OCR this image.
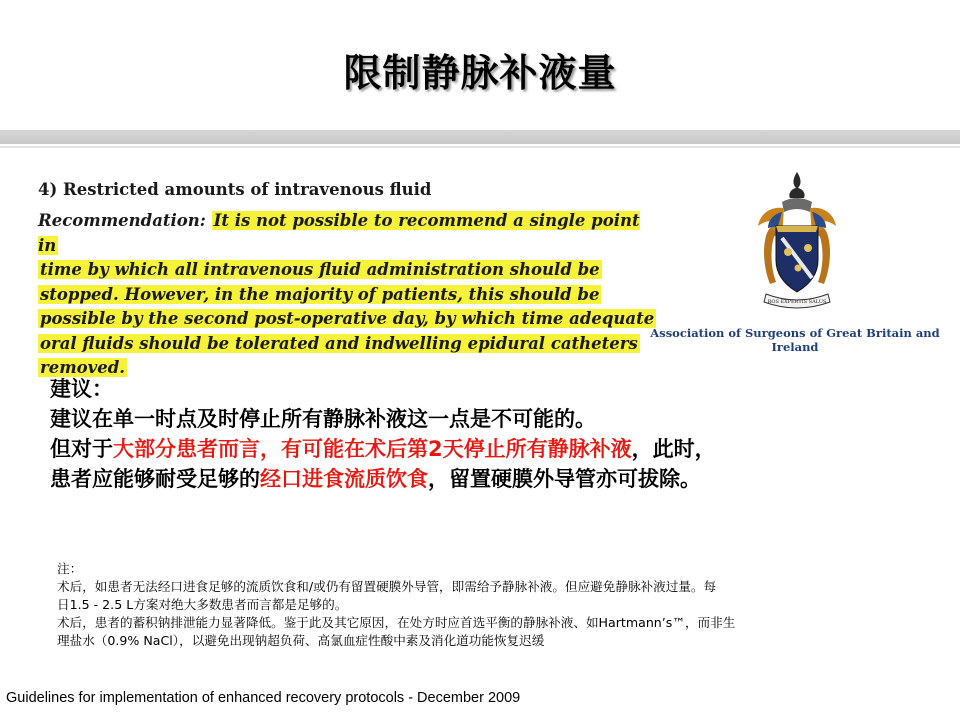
限制静脉补液量
4) Restricted amounts of intravenous fluid
Recommendation: It is not possible to recommend a single point in
time by which all intravenous fluid administration should be
stopped. However, in the majority of patients, this should be
possible by the second post-operative day, by which time adequate
oral fluids should be tolerated and indwelling epidural catheters
removed.
ROS EXPERTIS SALUS
Association of Surgeons of Great Britain and Ireland

建议：

建议在单一时点及时停止所有静脉补液这一点是不可能的。

但对于大部分患者而言，有可能在术后第2天停止所有静脉补液，此时，

患者应能够耐受足够的经口进食流质饮食，留置硬膜外导管亦可拔除。

注：

术后，如患者无法经口进食足够的流质饮食和/或仍有留置硬膜外导管，即需给予静脉补液。但应避免静脉补液过量。每

日1.5 - 2.5 L方案对绝大多数患者而言都是足够的。

术后，患者的蓄积钠排泄能力显著降低。鉴于此及其它原因，在处方时应首选平衡的静脉补液、如Hartmann’s™，而非生

理盐水（0.9% NaCl），以避免出现钠超负荷、高氯血症性酸中素及消化道功能恢复迟缓

Guidelines for implementation of enhanced recovery protocols - December 2009
